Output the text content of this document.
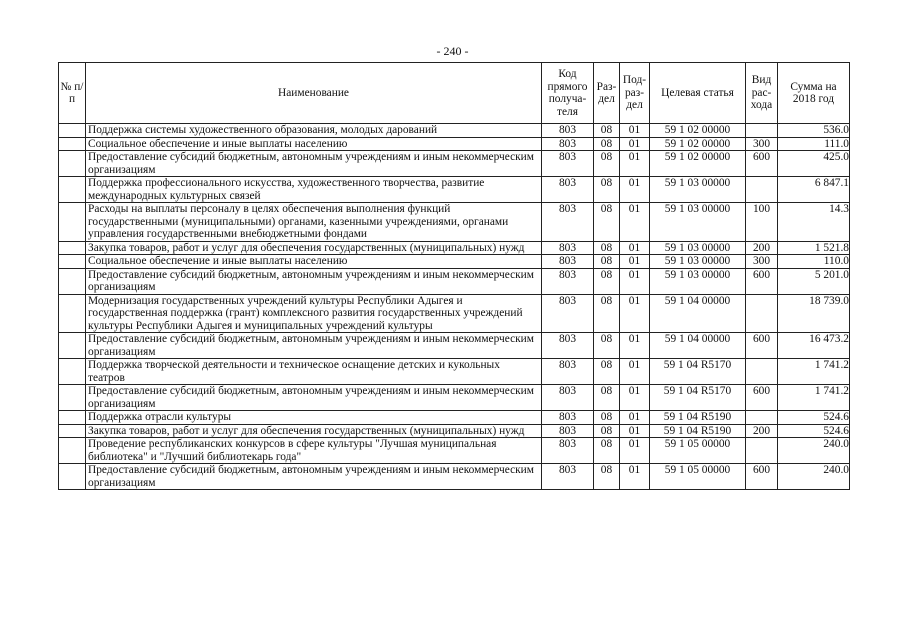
- 240 -
№ п/п	Наименование	Код прямого получа-теля	Раз-дел	Под-раз-дел	Целевая статья	Вид рас-хода	Сумма на 2018 год
	Поддержка системы художественного образования, молодых дарований	803	08	01	59 1 02 00000		536.0
	Социальное обеспечение и иные выплаты населению	803	08	01	59 1 02 00000	300	111.0
	Предоставление субсидий бюджетным, автономным учреждениям и иным некоммерческим организациям	803	08	01	59 1 02 00000	600	425.0
	Поддержка профессионального искусства, художественного творчества, развитие международных культурных связей	803	08	01	59 1 03 00000		6 847.1
	Расходы на выплаты персоналу в целях обеспечения выполнения функций государственными (муниципальными) органами, казенными учреждениями, органами управления государственными внебюджетными фондами	803	08	01	59 1 03 00000	100	14.3
	Закупка товаров, работ и услуг для обеспечения государственных (муниципальных) нужд	803	08	01	59 1 03 00000	200	1 521.8
	Социальное обеспечение и иные выплаты населению	803	08	01	59 1 03 00000	300	110.0
	Предоставление субсидий бюджетным, автономным учреждениям и иным некоммерческим организациям	803	08	01	59 1 03 00000	600	5 201.0
	Модернизация государственных учреждений культуры Республики Адыгея и государственная поддержка (грант) комплексного развития государственных учреждений культуры Республики Адыгея и муниципальных учреждений культуры	803	08	01	59 1 04 00000		18 739.0
	Предоставление субсидий бюджетным, автономным учреждениям и иным некоммерческим организациям	803	08	01	59 1 04 00000	600	16 473.2
	Поддержка творческой деятельности и техническое оснащение детских и кукольных театров	803	08	01	59 1 04 R5170		1 741.2
	Предоставление субсидий бюджетным, автономным учреждениям и иным некоммерческим организациям	803	08	01	59 1 04 R5170	600	1 741.2
	Поддержка отрасли культуры	803	08	01	59 1 04 R5190		524.6
	Закупка товаров, работ и услуг для обеспечения государственных (муниципальных) нужд	803	08	01	59 1 04 R5190	200	524.6
	Проведение республиканских конкурсов в сфере культуры "Лучшая муниципальная библиотека" и "Лучший библиотекарь года"	803	08	01	59 1 05 00000		240.0
	Предоставление субсидий бюджетным, автономным учреждениям и иным некоммерческим организациям	803	08	01	59 1 05 00000	600	240.0
